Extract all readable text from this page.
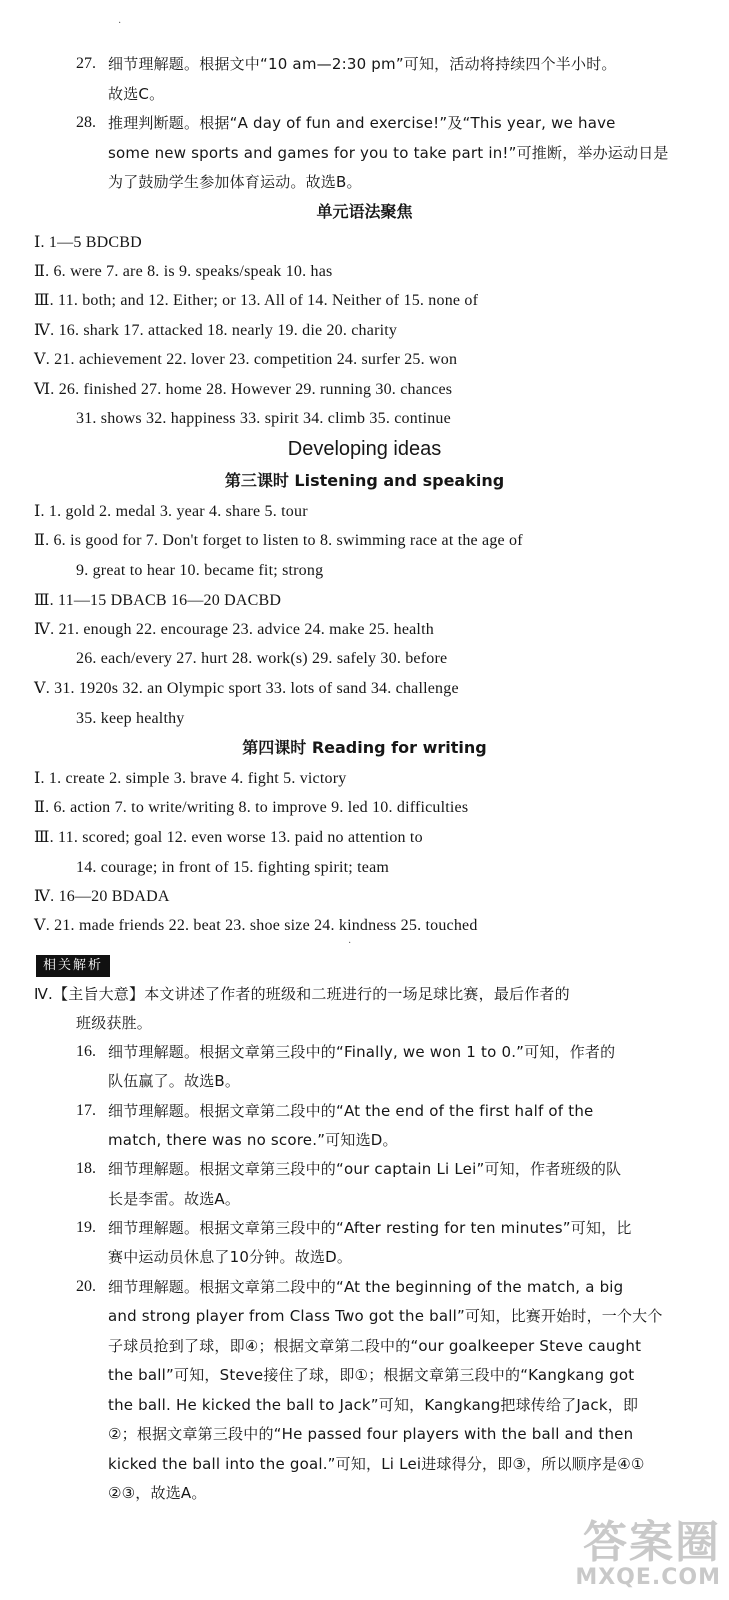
27. 细节理解题。根据文中“10 am—2:30 pm”可知，活动将持续四个半小时。
故选C。
28. 推理判断题。根据“A day of fun and exercise!”及“This year, we have
some new sports and games for you to take part in!”可推断，举办运动日是
为了鼓励学生参加体育运动。故选B。
单元语法聚焦
Ⅰ. 1—5 BDCBD
Ⅱ. 6. were 7. are 8. is 9. speaks/speak 10. has
Ⅲ. 11. both; and 12. Either; or 13. All of 14. Neither of 15. none of
Ⅳ. 16. shark 17. attacked 18. nearly 19. die 20. charity
Ⅴ. 21. achievement 22. lover 23. competition 24. surfer 25. won
Ⅵ. 26. finished 27. home 28. However 29. running 30. chances
31. shows 32. happiness 33. spirit 34. climb 35. continue
Developing ideas
第三课时 Listening and speaking
Ⅰ. 1. gold 2. medal 3. year 4. share 5. tour
Ⅱ. 6. is good for 7. Don't forget to listen to 8. swimming race at the age of
9. great to hear 10. became fit; strong
Ⅲ. 11—15 DBACB 16—20 DACBD
Ⅳ. 21. enough 22. encourage 23. advice 24. make 25. health
26. each/every 27. hurt 28. work(s) 29. safely 30. before
Ⅴ. 31. 1920s 32. an Olympic sport 33. lots of sand 34. challenge
35. keep healthy
第四课时 Reading for writing
Ⅰ. 1. create 2. simple 3. brave 4. fight 5. victory
Ⅱ. 6. action 7. to write/writing 8. to improve 9. led 10. difficulties
Ⅲ. 11. scored; goal 12. even worse 13. paid no attention to
14. courage; in front of 15. fighting spirit; team
Ⅳ. 16—20 BDADA
Ⅴ. 21. made friends 22. beat 23. shoe size 24. kindness 25. touched
相关解析
Ⅳ.【主旨大意】本文讲述了作者的班级和二班进行的一场足球比赛，最后作者的
班级获胜。
16. 细节理解题。根据文章第三段中的“Finally, we won 1 to 0.”可知，作者的
队伍赢了。故选B。
17. 细节理解题。根据文章第二段中的“At the end of the first half of the
match, there was no score.”可知选D。
18. 细节理解题。根据文章第三段中的“our captain Li Lei”可知，作者班级的队
长是李雷。故选A。
19. 细节理解题。根据文章第三段中的“After resting for ten minutes”可知，比
赛中运动员休息了10分钟。故选D。
20. 细节理解题。根据文章第二段中的“At the beginning of the match, a big
and strong player from Class Two got the ball”可知，比赛开始时，一个大个
子球员抢到了球，即④；根据文章第二段中的“our goalkeeper Steve caught
the ball”可知，Steve接住了球，即①；根据文章第三段中的“Kangkang got
the ball. He kicked the ball to Jack”可知，Kangkang把球传给了Jack，即
②；根据文章第三段中的“He passed four players with the ball and then
kicked the ball into the goal.”可知，Li Lei进球得分，即③，所以顺序是④①
②③，故选A。
·
·
答案圈
MXQE.COM
